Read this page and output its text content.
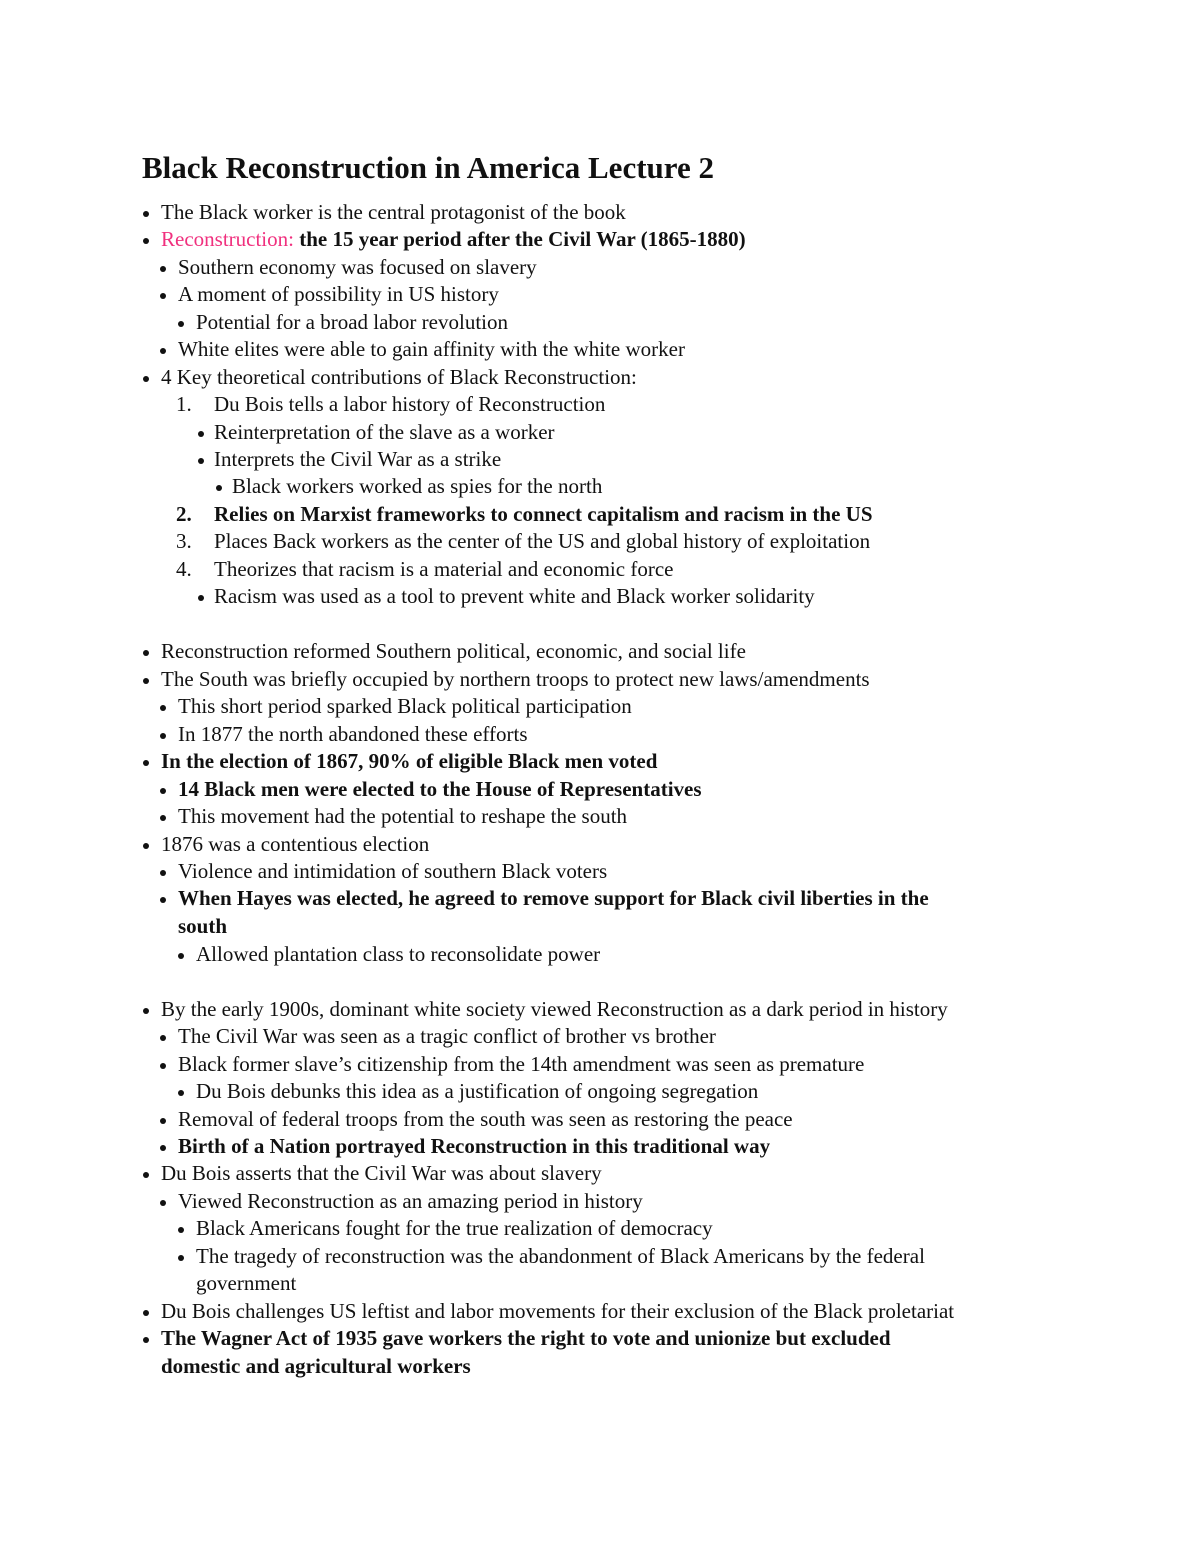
Black Reconstruction in America Lecture 2
The Black worker is the central protagonist of the book
Reconstruction: the 15 year period after the Civil War (1865-1880)
Southern economy was focused on slavery
A moment of possibility in US history
Potential for a broad labor revolution
White elites were able to gain affinity with the white worker
4 Key theoretical contributions of Black Reconstruction:
1. Du Bois tells a labor history of Reconstruction
Reinterpretation of the slave as a worker
Interprets the Civil War as a strike
Black workers worked as spies for the north
2. Relies on Marxist frameworks to connect capitalism and racism in the US
3. Places Back workers as the center of the US and global history of exploitation
4. Theorizes that racism is a material and economic force
Racism was used as a tool to prevent white and Black worker solidarity
Reconstruction reformed Southern political, economic, and social life
The South was briefly occupied by northern troops to protect new laws/amendments
This short period sparked Black political participation
In 1877 the north abandoned these efforts
In the election of 1867, 90% of eligible Black men voted
14 Black men were elected to the House of Representatives
This movement had the potential to reshape the south
1876 was a contentious election
Violence and intimidation of southern Black voters
When Hayes was elected, he agreed to remove support for Black civil liberties in the
south
Allowed plantation class to reconsolidate power
By the early 1900s, dominant white society viewed Reconstruction as a dark period in history
The Civil War was seen as a tragic conflict of brother vs brother
Black former slave’s citizenship from the 14th amendment was seen as premature
Du Bois debunks this idea as a justification of ongoing segregation
Removal of federal troops from the south was seen as restoring the peace
Birth of a Nation portrayed Reconstruction in this traditional way
Du Bois asserts that the Civil War was about slavery
Viewed Reconstruction as an amazing period in history
Black Americans fought for the true realization of democracy
The tragedy of reconstruction was the abandonment of Black Americans by the federal
government
Du Bois challenges US leftist and labor movements for their exclusion of the Black proletariat
The Wagner Act of 1935 gave workers the right to vote and unionize but excluded
domestic and agricultural workers
